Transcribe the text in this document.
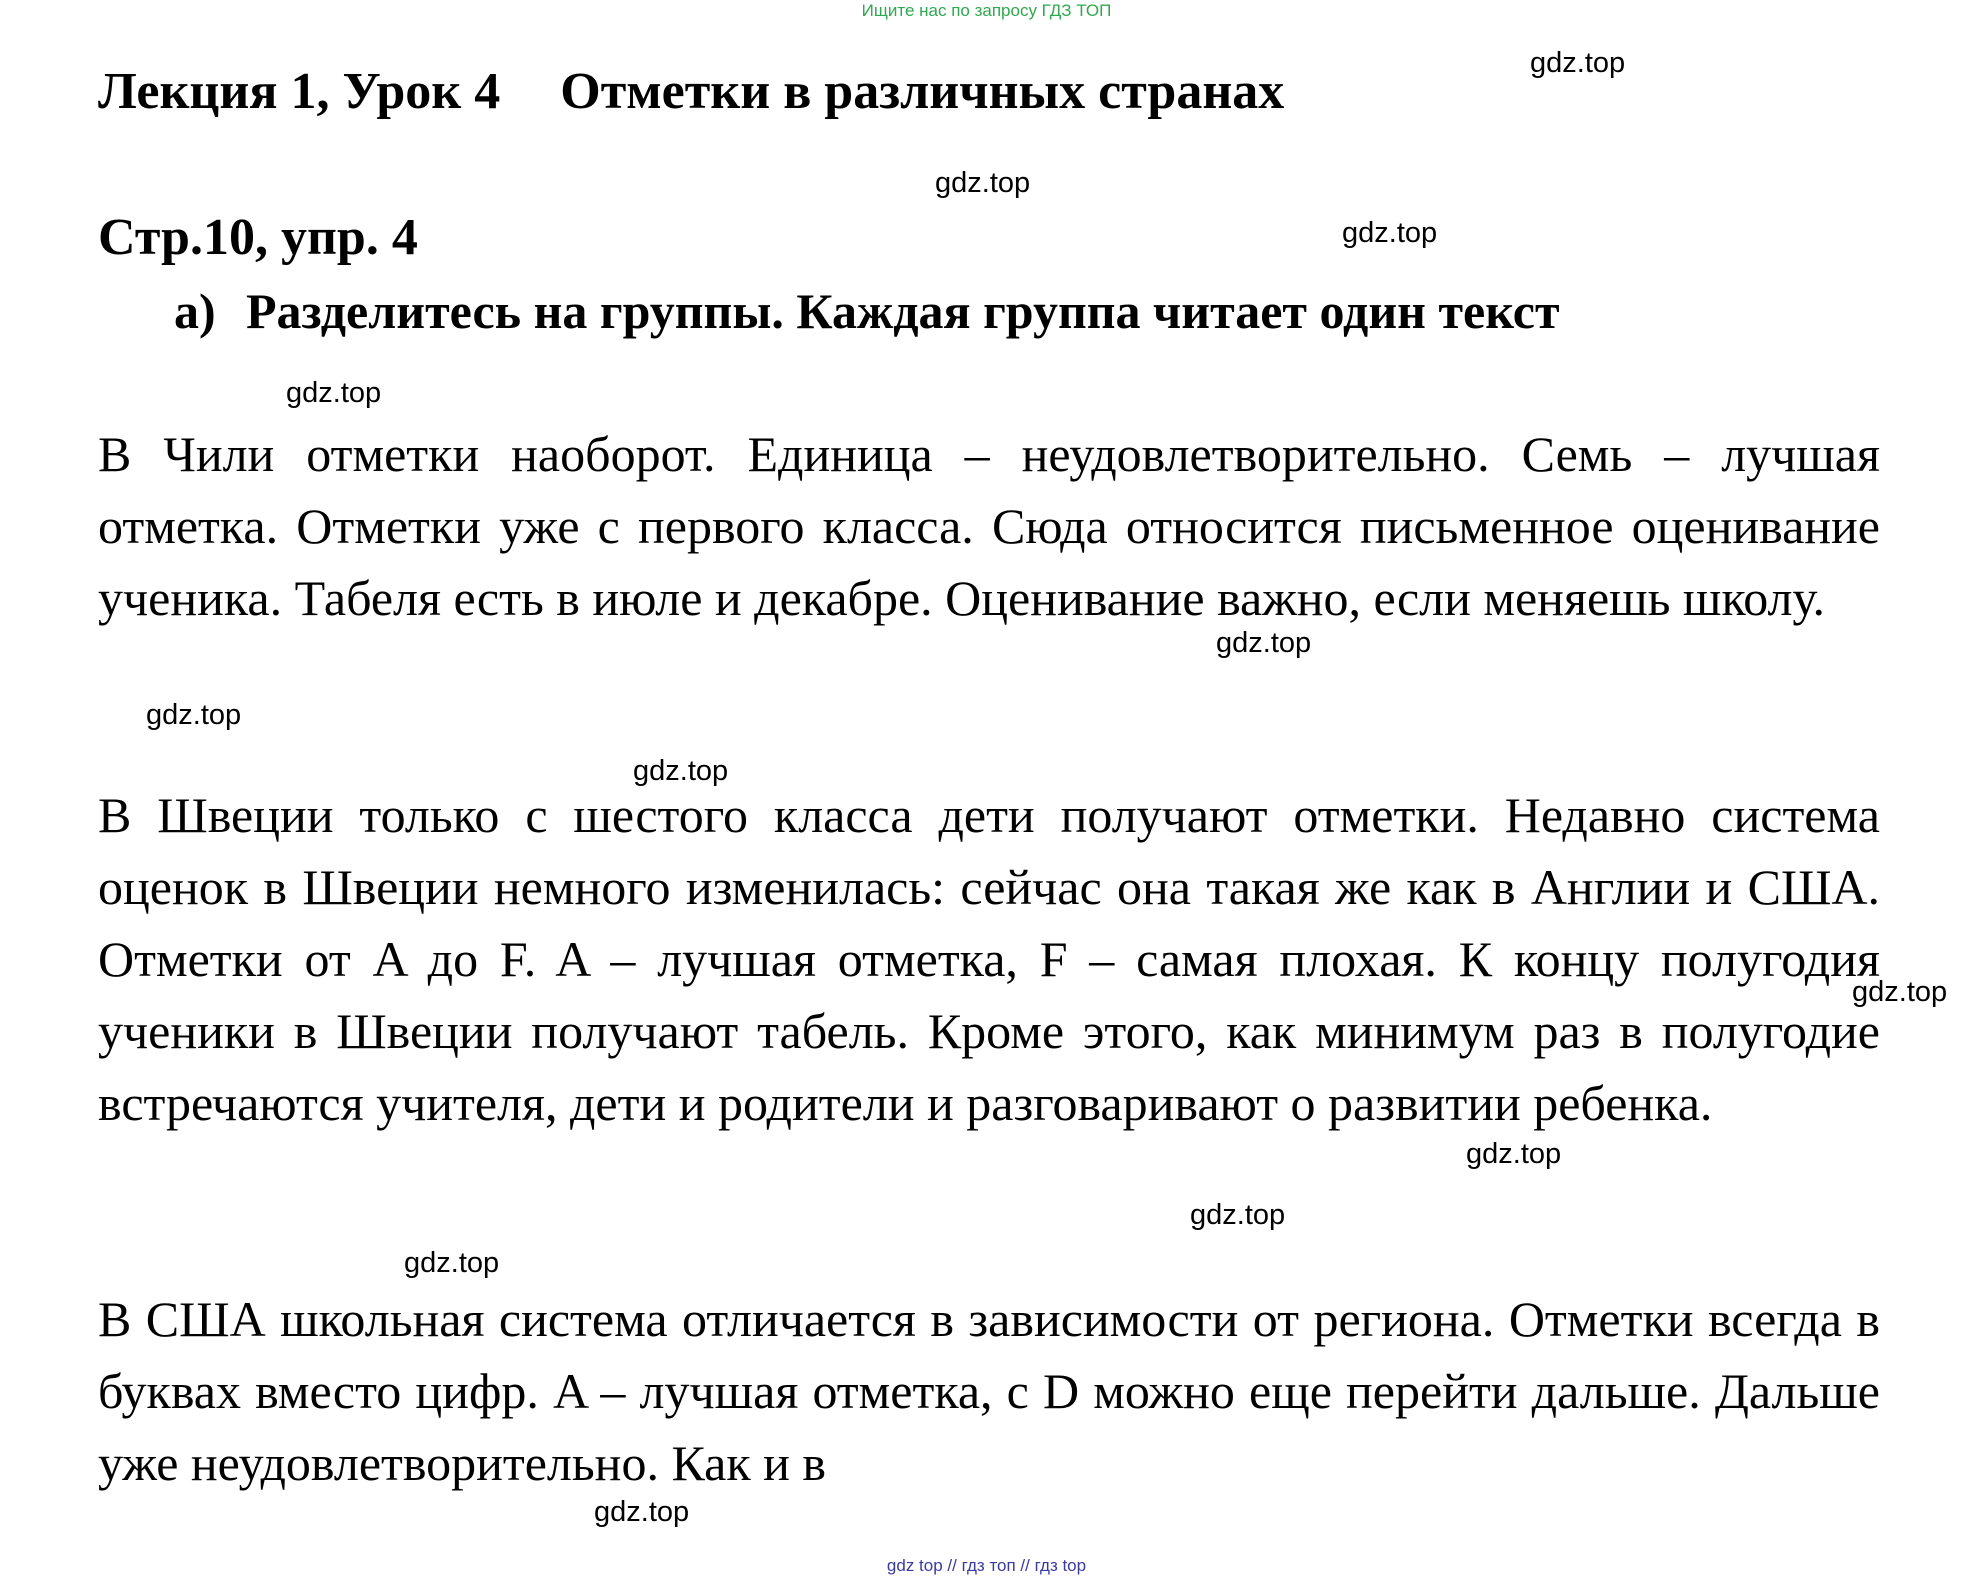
Ищите нас по запросу ГДЗ ТОП
Лекция 1, Урок 4 Отметки в различных странах
Стр.10, упр. 4
а) Разделитесь на группы. Каждая группа читает один текст

В Чили отметки наоборот. Единица – неудовлетворительно. Семь – лучшая отметка. Отметки уже с первого класса. Сюда относится письменное оценивание ученика. Табеля есть в июле и декабре. Оценивание важно, если меняешь школу.

В Швеции только с шестого класса дети получают отметки. Недавно система оценок в Швеции немного изменилась: сейчас она такая же как в Англии и США. Отметки от A до F. A – лучшая отметка, F – самая плохая. К концу полугодия ученики в Швеции получают табель. Кроме этого, как минимум раз в полугодие встречаются учителя, дети и родители и разговаривают о развитии ребенка.

В США школьная система отличается в зависимости от региона. Отметки всегда в буквах вместо цифр. A – лучшая отметка, с D можно еще перейти дальше. Дальше уже неудовлетворительно. Как и в

gdz.top
gdz.top
gdz.top
gdz.top
gdz.top
gdz.top
gdz.top
gdz.top
gdz.top
gdz.top
gdz.top
gdz.top
gdz top // гдз топ // гдз top
